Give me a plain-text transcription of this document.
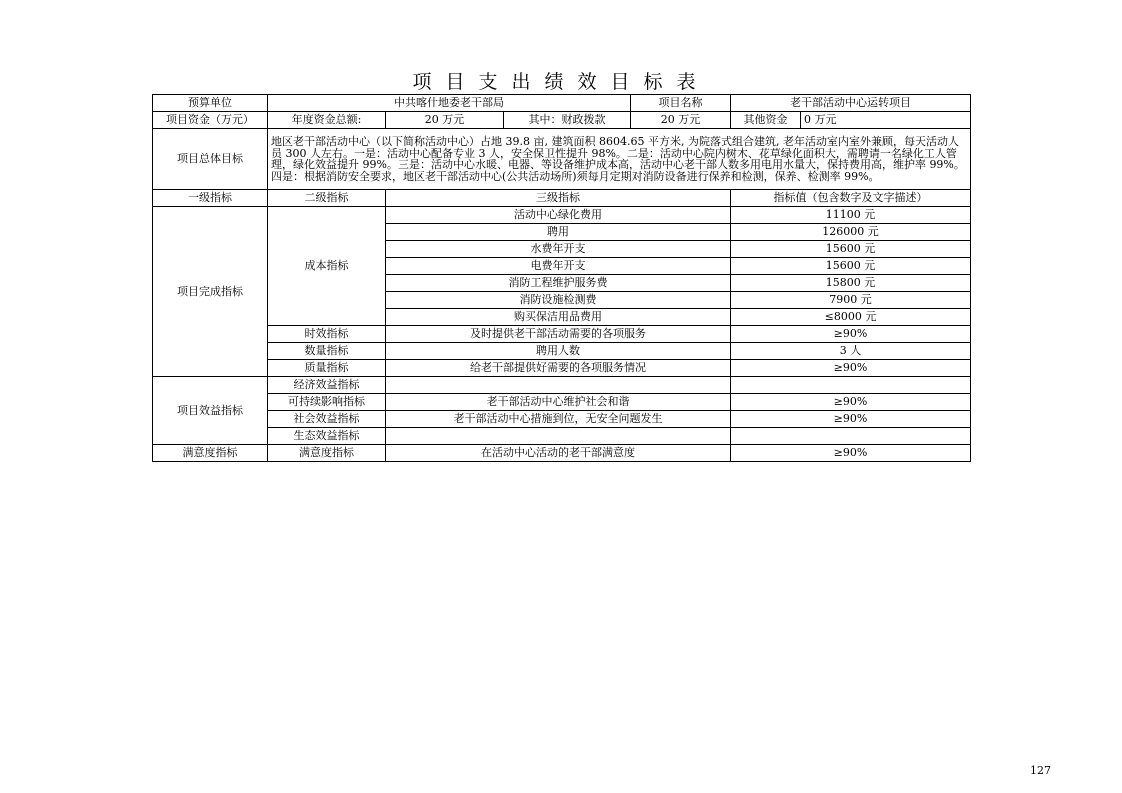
项目支出绩效目标表
预算单位	中共喀什地委老干部局			项目名称	老干部活动中心运转项目	
项目资金（万元）	年度资金总额:	20 万元	其中：财政拨款	20 万元	其他资金	0 万元
项目总体目标	地区老干部活动中心（以下简称活动中心）占地 39.8 亩, 建筑面积 8604.65 平方米, 为院落式组合建筑, 老年活动室内室外兼顾，每天活动人员 300 人左右。一是：活动中心配备专业 3 人，安全保卫性提升 98%。二是：活动中心院内树木、花草绿化面积大，需聘请一名绿化工人管理，绿化效益提升 99%。三是：活动中心水暖、电器、等设备维护成本高，活动中心老干部人数多用电用水量大，保持费用高，维护率 99%。四是：根据消防安全要求，地区老干部活动中心(公共活动场所)须每月定期对消防设备进行保养和检测，保养、检测率 99%。					
一级指标	二级指标	三级指标			指标值（包含数字及文字描述）	
项目完成指标	成本指标	活动中心绿化费用			11100 元	
		聘用			126000 元	
		水费年开支			15600 元	
		电费年开支			15600 元	
		消防工程维护服务费			15800 元	
		消防设施检测费			7900 元	
		购买保洁用品费用			≤8000 元	
	时效指标	及时提供老干部活动需要的各项服务			≥90%	
	数量指标	聘用人数			3 人	
	质量指标	给老干部提供好需要的各项服务情况			≥90%	
项目效益指标	经济效益指标					
	可持续影响指标	老干部活动中心维护社会和谐			≥90%	
	社会效益指标	老干部活动中心措施到位，无安全问题发生			≥90%	
	生态效益指标					
满意度指标	满意度指标	在活动中心活动的老干部满意度			≥90%	
127
